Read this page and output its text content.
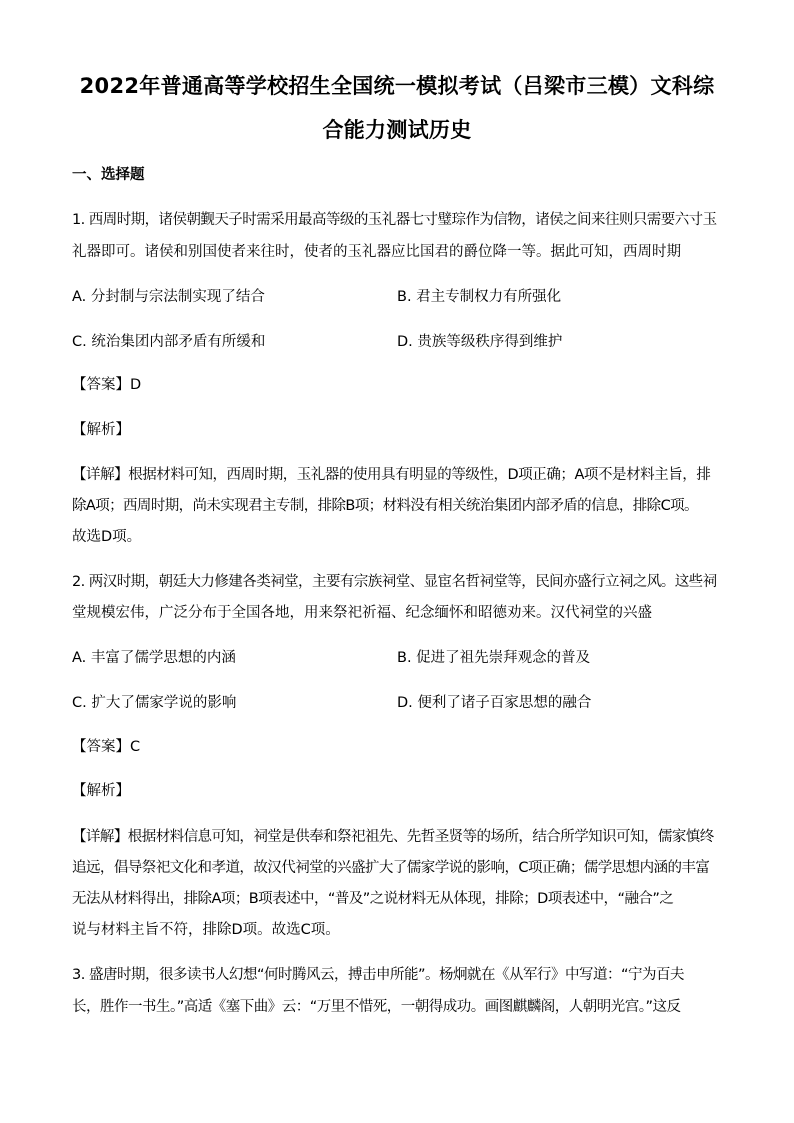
2022年普通高等学校招生全国统一模拟考试（吕梁市三模）文科综
合能力测试历史
一、选择题
1. 西周时期，诸侯朝觐天子时需采用最高等级的玉礼器七寸璧琮作为信物，诸侯之间来往则只需要六寸玉
礼器即可。诸侯和别国使者来往时，使者的玉礼器应比国君的爵位降一等。据此可知，西周时期
A. 分封制与宗法制实现了结合	B. 君主专制权力有所强化
C. 统治集团内部矛盾有所缓和	D. 贵族等级秩序得到维护
【答案】D
【解析】
【详解】根据材料可知，西周时期，玉礼器的使用具有明显的等级性，D项正确；A项不是材料主旨，排
除A项；西周时期，尚未实现君主专制，排除B项；材料没有相关统治集团内部矛盾的信息，排除C项。
故选D项。
2. 两汉时期，朝廷大力修建各类祠堂，主要有宗族祠堂、显宦名哲祠堂等，民间亦盛行立祠之风。这些祠
堂规模宏伟，广泛分布于全国各地，用来祭祀祈福、纪念缅怀和昭德劝来。汉代祠堂的兴盛
A. 丰富了儒学思想的内涵	B. 促进了祖先崇拜观念的普及
C. 扩大了儒家学说的影响	D. 便利了诸子百家思想的融合
【答案】C
【解析】
【详解】根据材料信息可知，祠堂是供奉和祭祀祖先、先哲圣贤等的场所，结合所学知识可知，儒家慎终
追远，倡导祭祀文化和孝道，故汉代祠堂的兴盛扩大了儒家学说的影响，C项正确；儒学思想内涵的丰富
无法从材料得出，排除A项；B项表述中，“普及”之说材料无从体现，排除；D项表述中，“融合”之
说与材料主旨不符，排除D项。故选C项。
3. 盛唐时期，很多读书人幻想“何时腾风云，搏击申所能”。杨炯就在《从军行》中写道：“宁为百夫
长，胜作一书生。”高适《塞下曲》云：“万里不惜死，一朝得成功。画图麒麟阁，人朝明光宫。”这反
